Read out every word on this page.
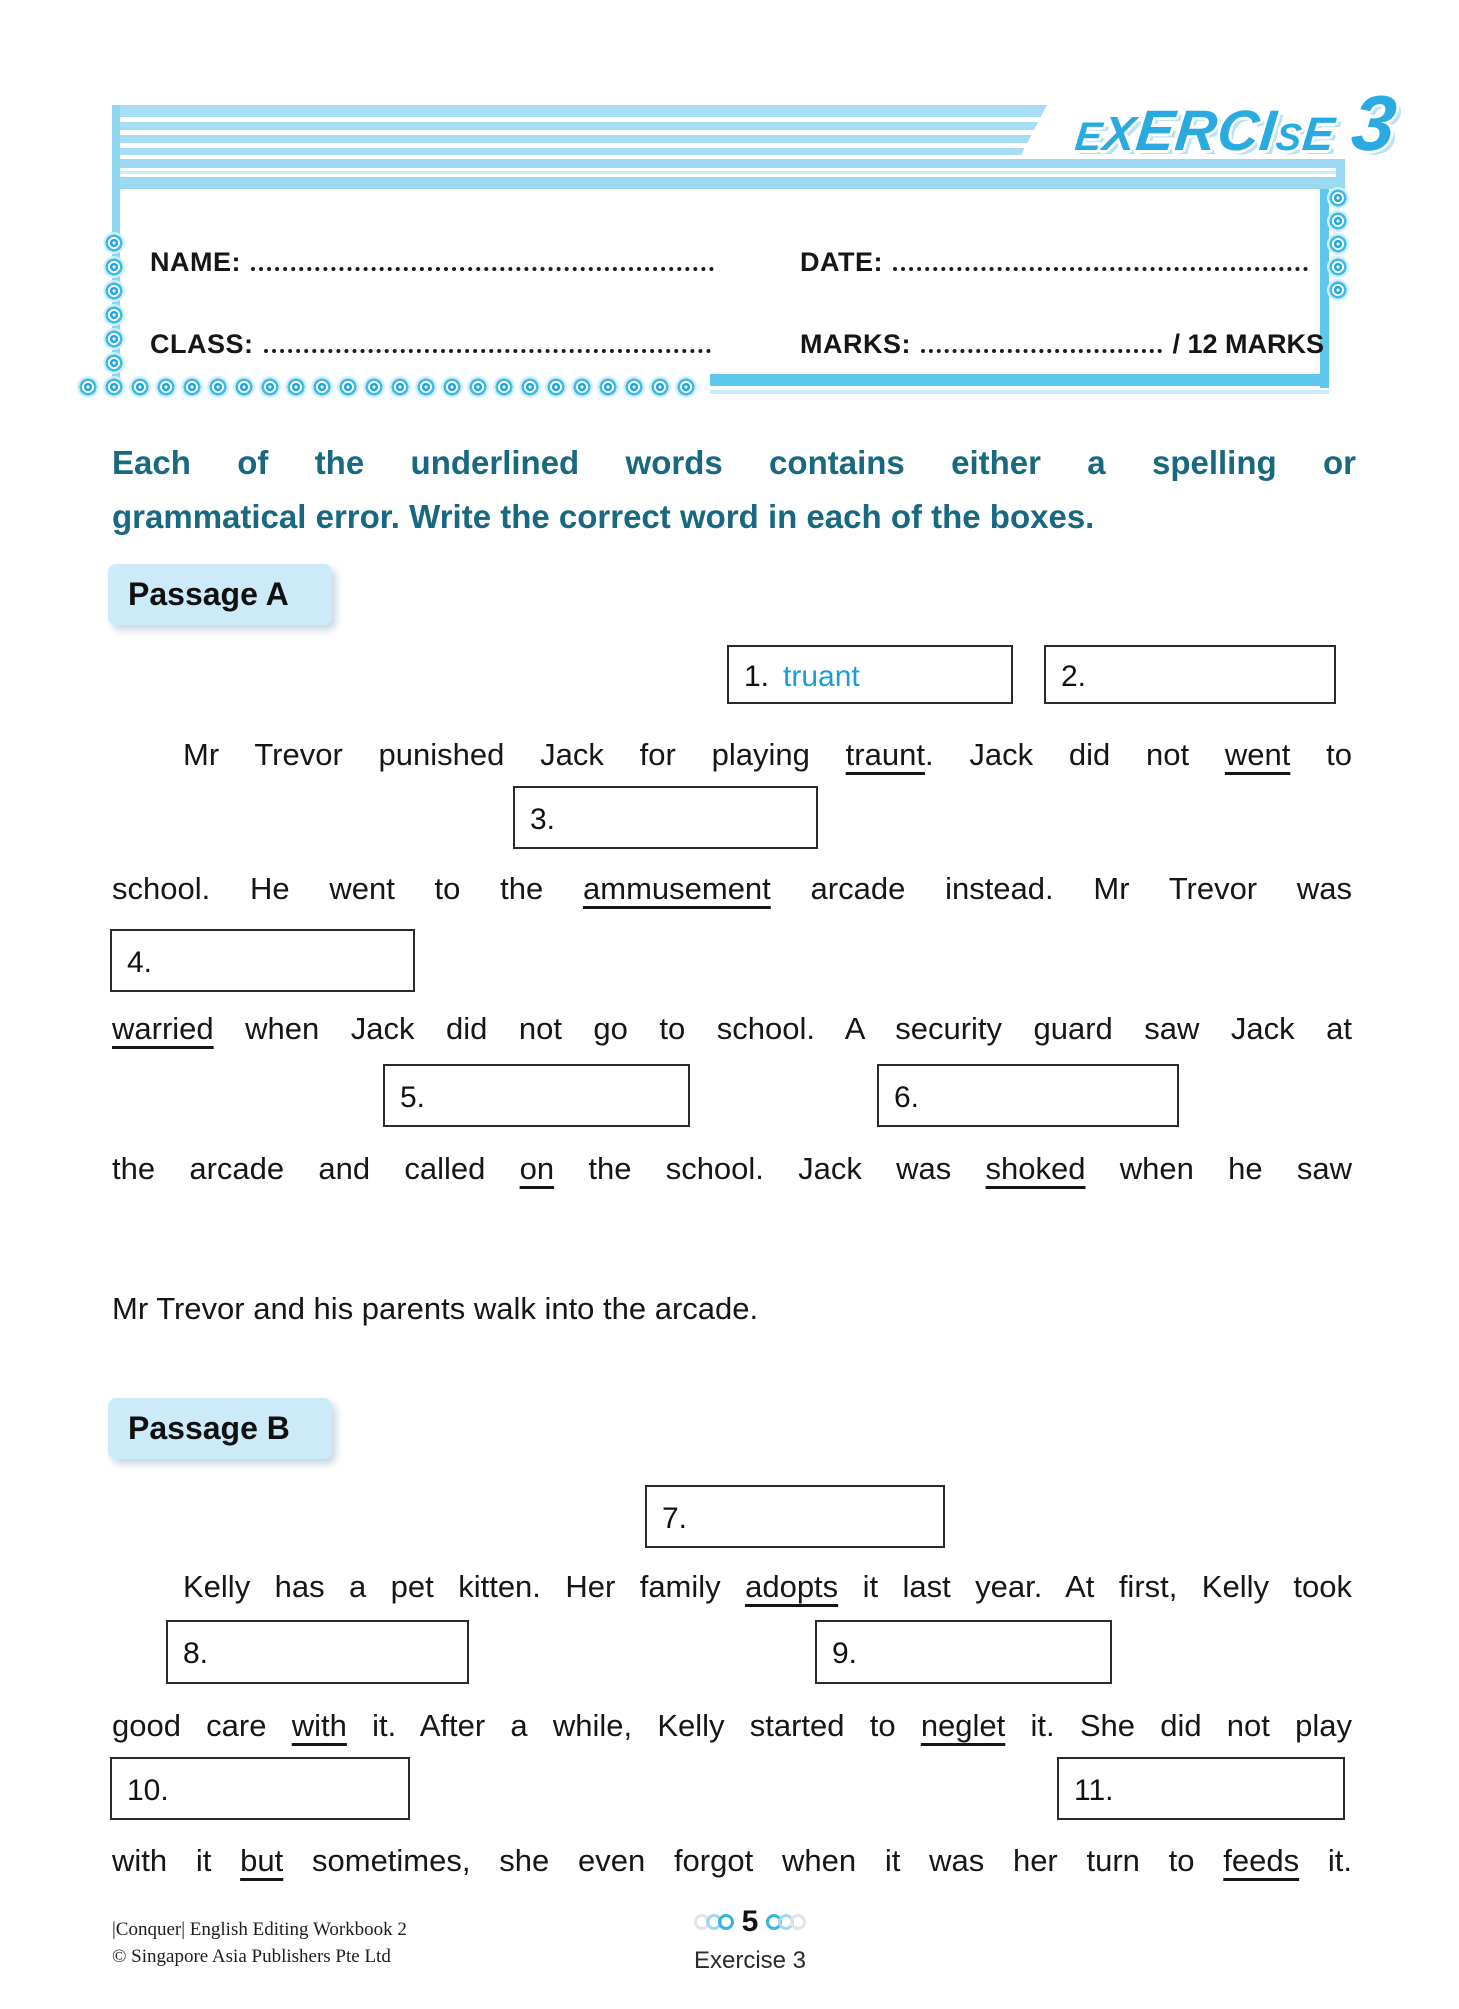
EXERCISE 3
NAME:	DATE:
CLASS:	MARKS:	/ 12 MARKS
Each of the underlined words contains either a spelling or
grammatical error. Write the correct word in each of the boxes.
Passage A
1. truant	2.
3.
4.
5.	6.
Mr Trevor punished Jack for playing traunt. Jack did not went to
school. He went to the ammusement arcade instead. Mr Trevor was
warried when Jack did not go to school. A security guard saw Jack at
the arcade and called on the school. Jack was shoked when he saw
Mr Trevor and his parents walk into the arcade.
Passage B
7.
8.	9.
10.	11.
Kelly has a pet kitten. Her family adopts it last year. At first, Kelly took
good care with it. After a while, Kelly started to neglet it. She did not play
with it but sometimes, she even forgot when it was her turn to feeds it.
|Conquer| English Editing Workbook 2
© Singapore Asia Publishers Pte Ltd
5
Exercise 3
